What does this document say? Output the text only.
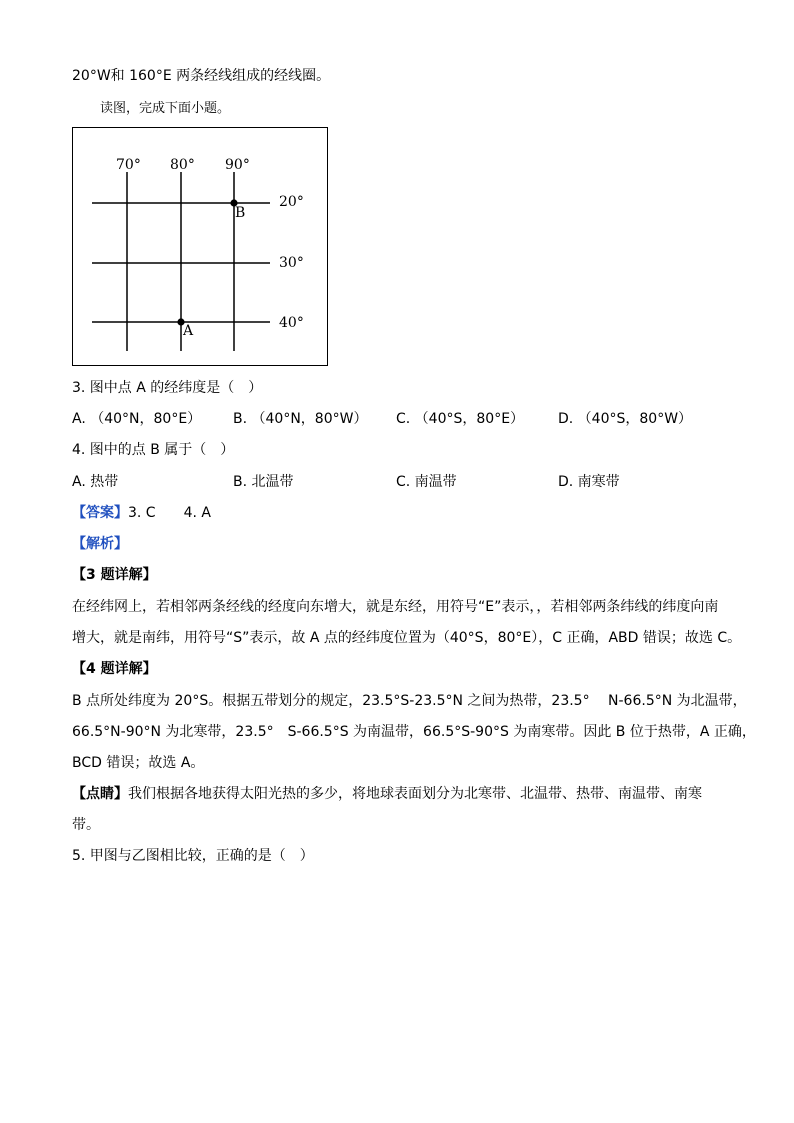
20°W和 160°E 两条经线组成的经线圈。
读图，完成下面小题。
70° 80° 90°
20°
30°
40°
B
A
3. 图中点 A 的经纬度是（　）
A. （40°N，80°E） B. （40°N，80°W） C. （40°S，80°E） D. （40°S，80°W）
4. 图中的点 B 属于（　）
A. 热带	B. 北温带	C. 南温带	D. 南寒带
【答案】3. C　　4. A
【解析】
【3 题详解】
在经纬网上，若相邻两条经线的经度向东增大，就是东经，用符号“E”表示，，若相邻两条纬线的纬度向南
增大，就是南纬，用符号“S”表示，故 A 点的经纬度位置为（40°S，80°E），C 正确，ABD 错误；故选 C。
【4 题详解】
B 点所处纬度为 20°S。根据五带划分的规定，23.5°S-23.5°N 之间为热带，23.5°　 N-66.5°N 为北温带，
66.5°N-90°N 为北寒带，23.5°　S-66.5°S 为南温带，66.5°S-90°S 为南寒带。因此 B 位于热带，A 正确，
BCD 错误；故选 A。
【点睛】我们根据各地获得太阳光热的多少，将地球表面划分为北寒带、北温带、热带、南温带、南寒
带。
5. 甲图与乙图相比较，正确的是（　）
